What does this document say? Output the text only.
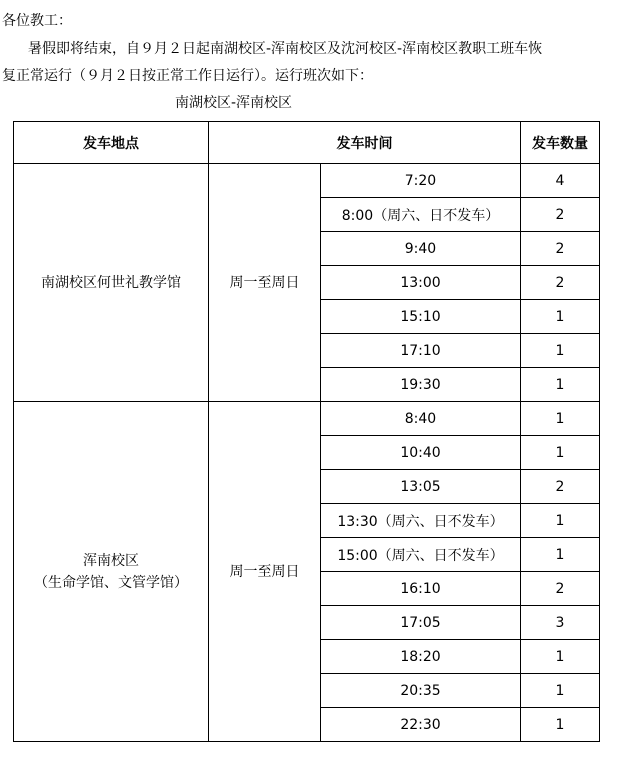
各位教工：
暑假即将结束，自９月２日起南湖校区-浑南校区及沈河校区-浑南校区教职工班车恢
复正常运行（９月２日按正常工作日运行）。运行班次如下：
南湖校区-浑南校区
发车地点	发车时间		发车数量

南湖校区何世礼教学馆	周一至周日	7:20	4
		8:00（周六、日不发车）	2
		9:40	2
		13:00	2
		15:10	1
		17:10	1
		19:30	1

浑南校区
（生命学馆、文管学馆）	周一至周日	8:40	1
		10:40	1
		13:05	2
		13:30（周六、日不发车）	1
		15:00（周六、日不发车）	1
		16:10	2
		17:05	3
		18:20	1
		20:35	1
		22:30	1
